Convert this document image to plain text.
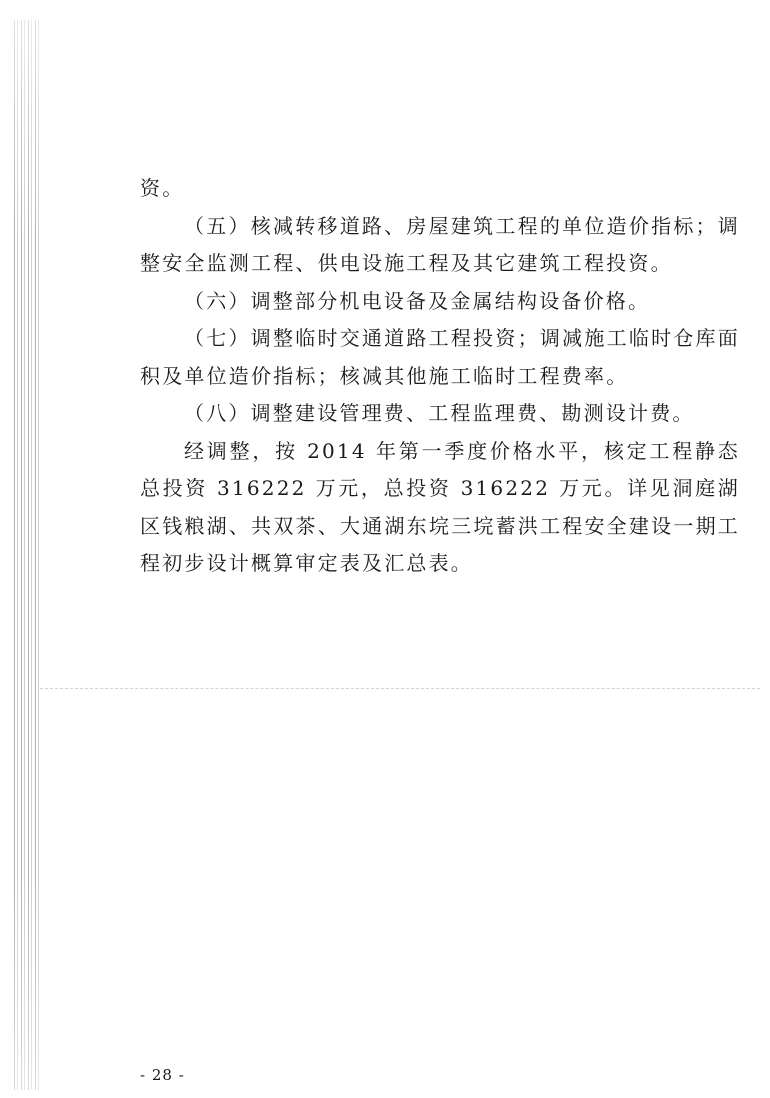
资。

（五）核减转移道路、房屋建筑工程的单位造价指标；调整安全监测工程、供电设施工程及其它建筑工程投资。

（六）调整部分机电设备及金属结构设备价格。

（七）调整临时交通道路工程投资；调减施工临时仓库面积及单位造价指标；核减其他施工临时工程费率。

（八）调整建设管理费、工程监理费、勘测设计费。

经调整，按 2014 年第一季度价格水平，核定工程静态总投资 316222 万元，总投资 316222 万元。详见洞庭湖区钱粮湖、共双茶、大通湖东垸三垸蓄洪工程安全建设一期工程初步设计概算审定表及汇总表。

- 28 -
